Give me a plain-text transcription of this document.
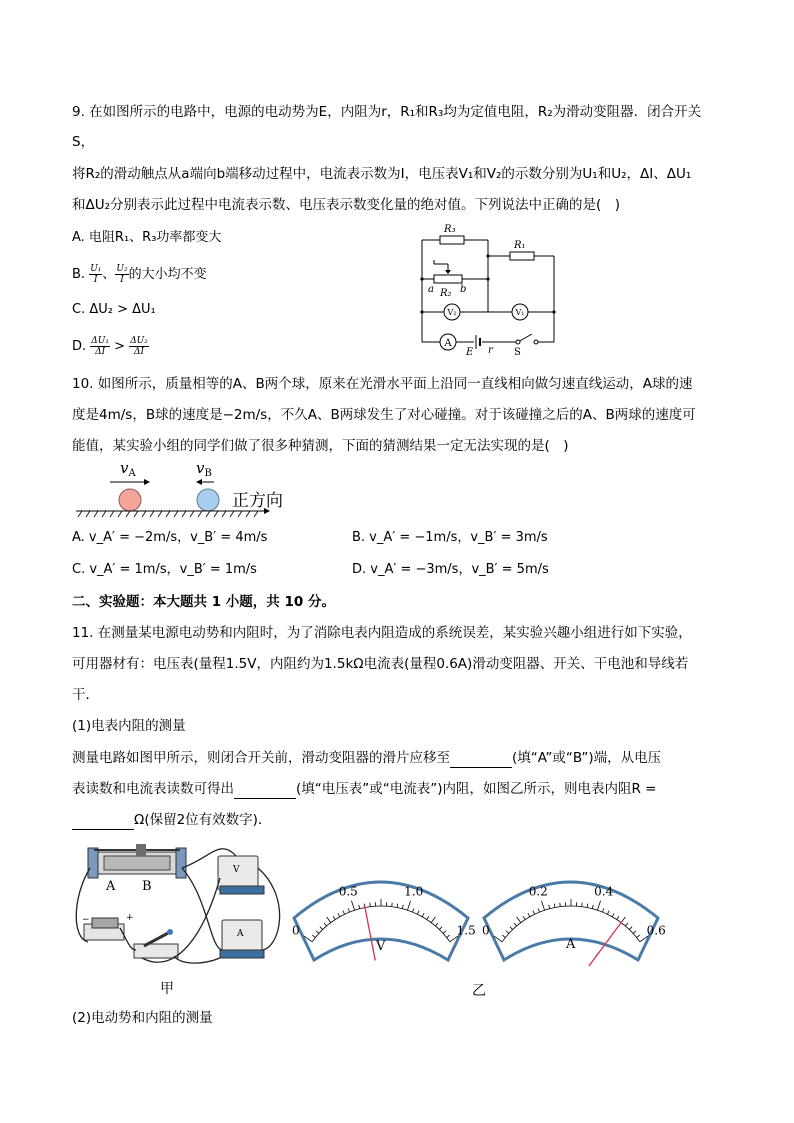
9. 在如图所示的电路中，电源的电动势为E，内阻为r，R₁和R₃均为定值电阻，R₂为滑动变阻器．闭合开关
S，
将R₂的滑动触点从a端向b端移动过程中，电流表示数为I，电压表V₁和V₂的示数分别为U₁和U₂，ΔI、ΔU₁
和ΔU₂分别表示此过程中电流表示数、电压表示数变化量的绝对值。下列说法中正确的是(　)
A. 电阻R₁、R₃功率都变大
B. $\frac{\text{U₁}}{I}$ 、 $\frac{\text{U₂}}{I}$ 的大小均不变
C. ΔU₂ > ΔU₁
D. $\frac{\text{ΔU₁}}{\Delta I} > \frac{\text{ΔU₂}}{\Delta I}$
R₃
R₁
R₂
a	b
E r
V₂	V₁
A
S
10. 如图所示，质量相等的A、B两个球，原来在光滑水平面上沿同一直线相向做匀速直线运动，A球的速
度是4m/s，B球的速度是−2m/s，不久A、B两球发生了对心碰撞。对于该碰撞之后的A、B两球的速度可
能值，某实验小组的同学们做了很多种猜测，下面的猜测结果一定无法实现的是(　)
$v_A$	$v_B$
正方向
A. v_A′ = −2m/s，v_B′ = 4m/s	B. v_A′ = −1m/s，v_B′ = 3m/s
C. v_A′ = 1m/s，v_B′ = 1m/s	D. v_A′ = −3m/s，v_B′ = 5m/s
二、实验题：本大题共 1 小题，共 10 分。
11. 在测量某电源电动势和内阻时，为了消除电表内阻造成的系统误差，某实验兴趣小组进行如下实验，
可用器材有：电压表(量程1.5V，内阻约为1.5kΩ电流表(量程0.6A)滑动变阻器、开关、干电池和导线若
干．
(1)电表内阻的测量
测量电路如图甲所示，则闭合开关前，滑动变阻器的滑片应移至	(填“A”或“B”)端，从电压
表读数和电流表读数可得出	(填“电压表”或“电流表”)内阻，如图乙所示，则电表内阻R =
Ω(保留2位有效数字)．
A B
−	+
V
A
甲
0
0.5	1.0
1.5
V
0
0.2	0.4
0.6
A
乙
(2)电动势和内阻的测量
